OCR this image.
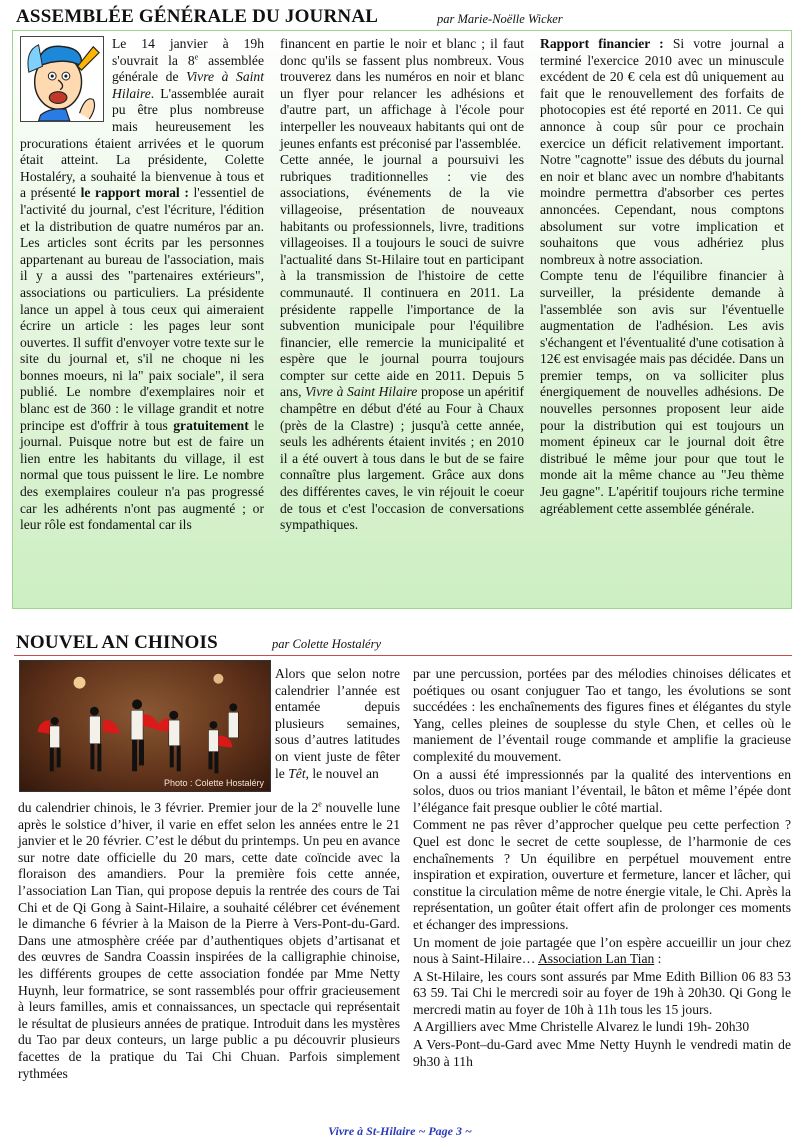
ASSEMBLÉE GÉNÉRALE DU JOURNAL	par Marie-Noëlle Wicker
Le 14 janvier à 19h s'ouvrait la 8e assemblée générale de Vivre à Saint Hilaire. L'assemblée aurait pu être plus nombreuse mais heureusement les procurations étaient arrivées et le quorum était atteint. La présidente, Colette Hostaléry, a souhaité la bienvenue à tous et a présenté le rapport moral : l'essentiel de l'activité du journal, c'est l'écriture, l'édition et la distribution de quatre numéros par an. Les articles sont écrits par les personnes appartenant au bureau de l'association, mais il y a aussi des "partenaires extérieurs", associations ou particuliers. La présidente lance un appel à tous ceux qui aimeraient écrire un article : les pages leur sont ouvertes. Il suffit d'envoyer votre texte sur le site du journal et, s'il ne choque ni les bonnes moeurs, ni la" paix sociale", il sera publié. Le nombre d'exemplaires noir et blanc est de 360 : le village grandit et notre principe est d'offrir à tous gratuitement le journal. Puisque notre but est de faire un lien entre les habitants du village, il est normal que tous puissent le lire. Le nombre des exemplaires couleur n'a pas progressé car les adhérents n'ont pas augmenté ; or leur rôle est fondamental car ils
financent en partie le noir et blanc ; il faut donc qu'ils se fassent plus nombreux. Vous trouverez dans les numéros en noir et blanc un flyer pour relancer les adhésions et d'autre part, un affichage à l'école pour interpeller les nouveaux habitants qui ont de jeunes enfants est préconisé par l'assemblée.
Cette année, le journal a poursuivi les rubriques traditionnelles : vie des associations, événements de la vie villageoise, présentation de nouveaux habitants ou professionnels, livre, traditions villageoises. Il a toujours le souci de suivre l'actualité dans St-Hilaire tout en participant à la transmission de l'histoire de cette communauté. Il continuera en 2011. La présidente rappelle l'importance de la subvention municipale pour l'équilibre financier, elle remercie la municipalité et espère que le journal pourra toujours compter sur cette aide en 2011. Depuis 5 ans, Vivre à Saint Hilaire propose un apéritif champêtre en début d'été au Four à Chaux (près de la Clastre) ; jusqu'à cette année, seuls les adhérents étaient invités ; en 2010 il a été ouvert à tous dans le but de se faire connaître plus largement. Grâce aux dons des différentes caves, le vin réjouit le coeur de tous et c'est l'occasion de conversations sympathiques.
Rapport financier : Si votre journal a terminé l'exercice 2010 avec un minuscule excédent de 20 € cela est dû uniquement au fait que le renouvellement des forfaits de photocopies est été reporté en 2011. Ce qui annonce à coup sûr pour ce prochain exercice un déficit relativement important. Notre "cagnotte" issue des débuts du journal en noir et blanc avec un nombre d'habitants moindre permettra d'absorber ces pertes annoncées. Cependant, nous comptons absolument sur votre implication et souhaitons que vous adhériez plus nombreux à notre association.
Compte tenu de l'équilibre financier à surveiller, la présidente demande à l'assemblée son avis sur l'éventuelle augmentation de l'adhésion. Les avis s'échangent et l'éventualité d'une cotisation à 12€ est envisagée mais pas décidée. Dans un premier temps, on va solliciter plus énergiquement de nouvelles adhésions. De nouvelles personnes proposent leur aide pour la distribution qui est toujours un moment épineux car le journal doit être distribué le même jour pour que tout le monde ait la même chance au "Jeu thème Jeu gagne". L'apéritif toujours riche termine agréablement cette assemblée générale.
NOUVEL AN CHINOIS	par Colette Hostaléry
Photo : Colette Hostaléry
Alors que selon notre calendrier l’année est entamée depuis plusieurs semaines, sous d’autres latitudes on vient juste de fêter le Têt, le nouvel an
du calendrier chinois, le 3 février. Premier jour de la 2e nouvelle lune après le solstice d’hiver, il varie en effet selon les années entre le 21 janvier et le 20 février. C’est le début du printemps. Un peu en avance sur notre date officielle du 20 mars, cette date coïncide avec la floraison des amandiers. Pour la première fois cette année, l’association Lan Tian, qui propose depuis la rentrée des cours de Tai Chi et de Qi Gong à Saint-Hilaire, a souhaité célébrer cet événement le dimanche 6 février à la Maison de la Pierre à Vers-Pont-du-Gard. Dans une atmosphère créée par d’authentiques objets d’artisanat et des œuvres de Sandra Coassin inspirées de la calligraphie chinoise, les différents groupes de cette association fondée par Mme Netty Huynh, leur formatrice, se sont rassemblés pour offrir gracieusement à leurs familles, amis et connaissances, un spectacle qui représentait le résultat de plusieurs années de pratique. Introduit dans les mystères du Tao par deux conteurs, un large public a pu découvrir plusieurs facettes de la pratique du Tai Chi Chuan. Parfois simplement rythmées

par une percussion, portées par des mélodies chinoises délicates et poétiques ou osant conjuguer Tao et tango, les évolutions se sont succédées : les enchaînements des figures fines et élégantes du style Yang, celles pleines de souplesse du style Chen, et celles où le maniement de l’éventail rouge commande et amplifie la gracieuse complexité du mouvement.

On a aussi été impressionnés par la qualité des interventions en solos, duos ou trios maniant l’éventail, le bâton et même l’épée dont l’élégance fait presque oublier le côté martial.

Comment ne pas rêver d’approcher quelque peu cette perfection ? Quel est donc le secret de cette souplesse, de l’harmonie de ces enchaînements ? Un équilibre en perpétuel mouvement entre inspiration et expiration, ouverture et fermeture, lancer et lâcher, qui constitue la circulation même de notre énergie vitale, le Chi. Après la représentation, un goûter était offert afin de prolonger ces moments et échanger des impressions.

Un moment de joie partagée que l’on espère accueillir un jour chez nous à Saint-Hilaire… Association Lan Tian :

A St-Hilaire, les cours sont assurés par Mme Edith Billion 06 83 53 63 59. Tai Chi le mercredi soir au foyer de 19h à 20h30. Qi Gong le mercredi matin au foyer de 10h à 11h tous les 15 jours.

A Argilliers avec Mme Christelle Alvarez le lundi 19h- 20h30

A Vers-Pont–du-Gard avec Mme Netty Huynh le vendredi matin de 9h30 à 11h

Vivre à St-Hilaire ~ Page 3 ~
